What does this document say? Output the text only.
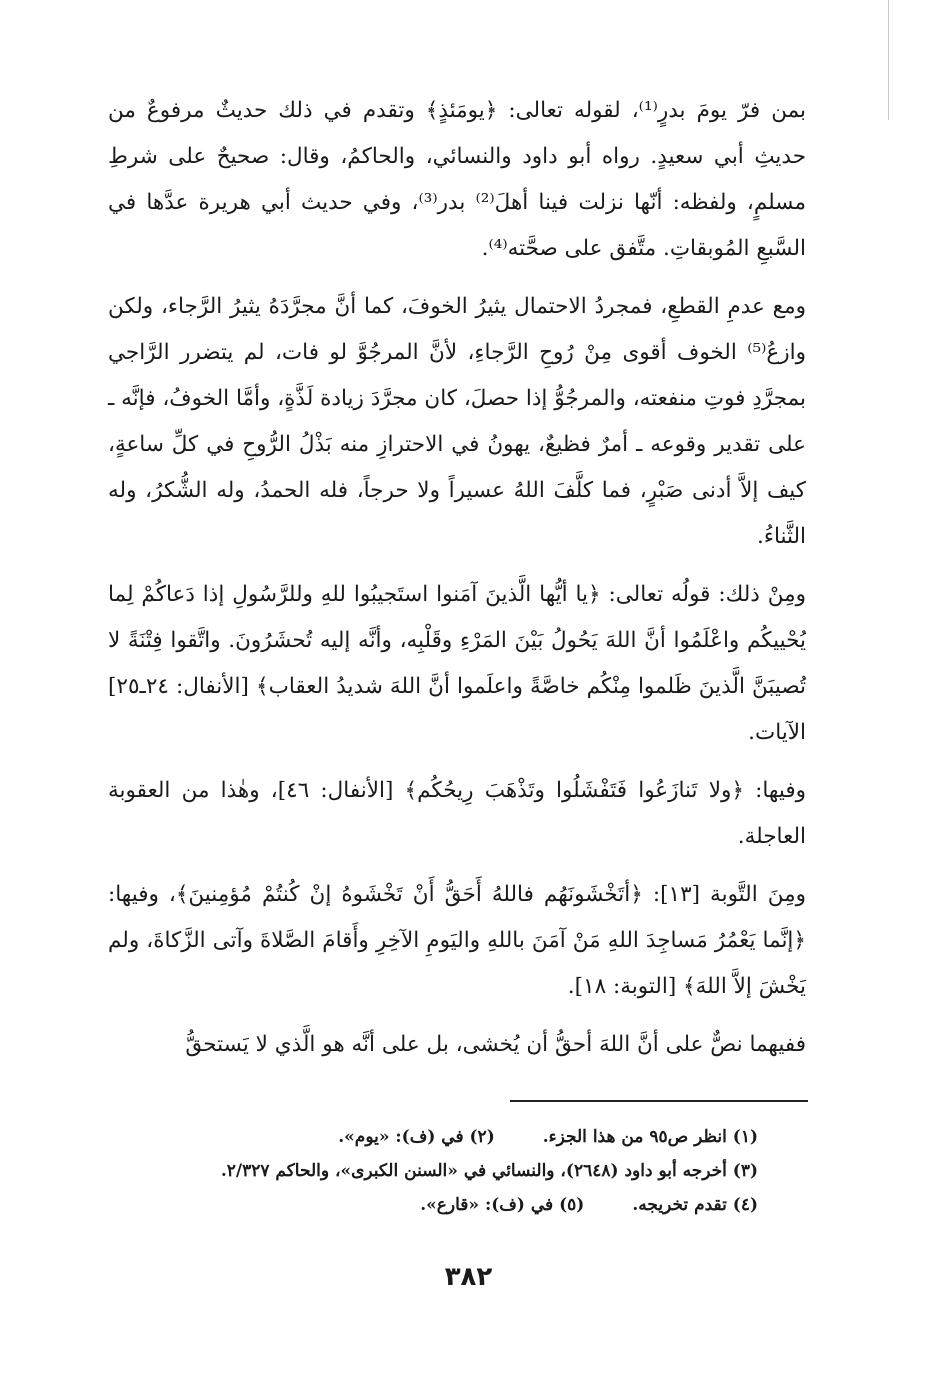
بمن فرّ يومَ بدرٍ⁽¹⁾، لقوله تعالى: ﴿يومَئذٍ﴾ وتقدم في ذلك حديثٌ مرفوعٌ من حديثِ أبي سعيدٍ. رواه أبو داود والنسائي، والحاكمُ، وقال: صحيحٌ على شرطِ مسلمٍ، ولفظه: أنّها نزلت فينا أهلَ⁽²⁾ بدر⁽³⁾، وفي حديث أبي هريرة عدَّها في السَّبعِ المُوبقاتِ. متَّفق على صحَّته⁽⁴⁾.

ومع عدمِ القطعِ، فمجردُ الاحتمال يثيرُ الخوفَ، كما أنَّ مجرَّدَهُ يثيرُ الرَّجاء، ولكن وازعُ⁽⁵⁾ الخوف أقوى مِنْ رُوحِ الرَّجاءِ، لأنَّ المرجُوَّ لو فات، لم يتضرر الرَّاجي بمجرَّدِ فوتِ منفعته، والمرجُوُّ إذا حصلَ، كان مجرَّدَ زيادة لَذَّةٍ، وأمَّا الخوفُ، فإنَّه ـ على تقدير وقوعه ـ أمرٌ فظيعٌ، يهونُ في الاحترازِ منه بَذْلُ الرُّوحِ في كلِّ ساعةٍ، كيف إلاَّ أدنى صَبْرٍ، فما كلَّفَ اللهُ عسيراً ولا حرجاً، فله الحمدُ، وله الشُّكرُ، وله الثَّناءُ.

ومِنْ ذلك: قولُه تعالى: ﴿يا أيُّها الَّذينَ آمَنوا استَجيبُوا للهِ وللرَّسُولِ إذا دَعاكُمْ لِما يُحْييكُم واعْلَمُوا أنَّ اللهَ يَحُولُ بَيْنَ المَرْءِ وقَلْبِه، وأنَّه إليه تُحشَرُونَ. واتَّقوا فِتْنَةً لا تُصيبَنَّ الَّذينَ ظَلموا مِنْكُم خاصَّةً واعلَموا أنَّ اللهَ شديدُ العقاب﴾ [الأنفال: ٢٤ـ٢٥] الآيات.

وفيها: ﴿ولا تَنازَعُوا فَتَفْشَلُوا وتَذْهَبَ رِيحُكُم﴾ [الأنفال: ٤٦]، وهٰذا من العقوبة العاجلة.

ومِنَ التَّوبة [١٣]: ﴿أتَخْشَونَهُم فاللهُ أَحَقُّ أَنْ تَخْشَوهُ إنْ كُنتُمْ مُؤمِنينَ﴾، وفيها: ﴿إنَّما يَعْمُرُ مَساجِدَ اللهِ مَنْ آمَنَ باللهِ واليَومِ الآخِرِ وأَقامَ الصَّلاةَ وآتى الزَّكاةَ، ولم يَخْشَ إلاَّ اللهَ﴾ [التوبة: ١٨].

ففيهما نصٌّ على أنَّ اللهَ أحقُّ أن يُخشى، بل على أنَّه هو الَّذي لا يَستحقُّ

(١) انظر ص٩٥ من هذا الجزء.
(٢) في (ف): «يوم».
(٣) أخرجه أبو داود (٢٦٤٨)، والنسائي في «السنن الكبرى»، والحاكم ٢/٣٢٧.
(٤) تقدم تخريجه.
(٥) في (ف): «قارع».
٣٨٢
